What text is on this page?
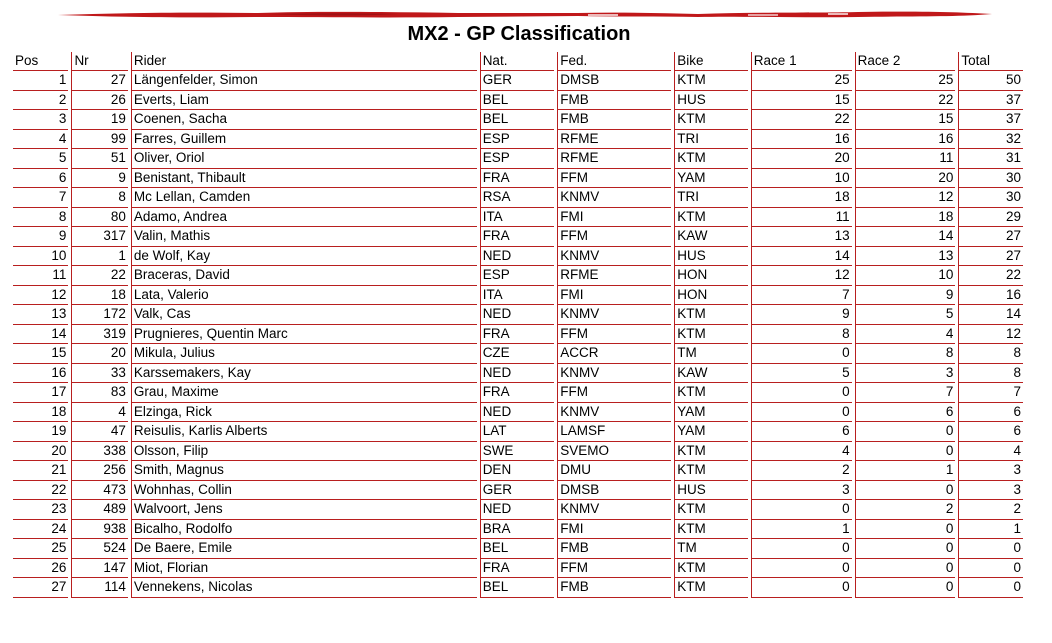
MX2 - GP Classification
Pos	Nr	Rider	Nat.	Fed.	Bike	Race 1	Race 2	Total
1	27	Längenfelder, Simon	GER	DMSB	KTM	25	25	50
2	26	Everts, Liam	BEL	FMB	HUS	15	22	37
3	19	Coenen, Sacha	BEL	FMB	KTM	22	15	37
4	99	Farres, Guillem	ESP	RFME	TRI	16	16	32
5	51	Oliver, Oriol	ESP	RFME	KTM	20	11	31
6	9	Benistant, Thibault	FRA	FFM	YAM	10	20	30
7	8	Mc Lellan, Camden	RSA	KNMV	TRI	18	12	30
8	80	Adamo, Andrea	ITA	FMI	KTM	11	18	29
9	317	Valin, Mathis	FRA	FFM	KAW	13	14	27
10	1	de Wolf, Kay	NED	KNMV	HUS	14	13	27
11	22	Braceras, David	ESP	RFME	HON	12	10	22
12	18	Lata, Valerio	ITA	FMI	HON	7	9	16
13	172	Valk, Cas	NED	KNMV	KTM	9	5	14
14	319	Prugnieres, Quentin Marc	FRA	FFM	KTM	8	4	12
15	20	Mikula, Julius	CZE	ACCR	TM	0	8	8
16	33	Karssemakers, Kay	NED	KNMV	KAW	5	3	8
17	83	Grau, Maxime	FRA	FFM	KTM	0	7	7
18	4	Elzinga, Rick	NED	KNMV	YAM	0	6	6
19	47	Reisulis, Karlis Alberts	LAT	LAMSF	YAM	6	0	6
20	338	Olsson, Filip	SWE	SVEMO	KTM	4	0	4
21	256	Smith, Magnus	DEN	DMU	KTM	2	1	3
22	473	Wohnhas, Collin	GER	DMSB	HUS	3	0	3
23	489	Walvoort, Jens	NED	KNMV	KTM	0	2	2
24	938	Bicalho, Rodolfo	BRA	FMI	KTM	1	0	1
25	524	De Baere, Emile	BEL	FMB	TM	0	0	0
26	147	Miot, Florian	FRA	FFM	KTM	0	0	0
27	114	Vennekens, Nicolas	BEL	FMB	KTM	0	0	0
